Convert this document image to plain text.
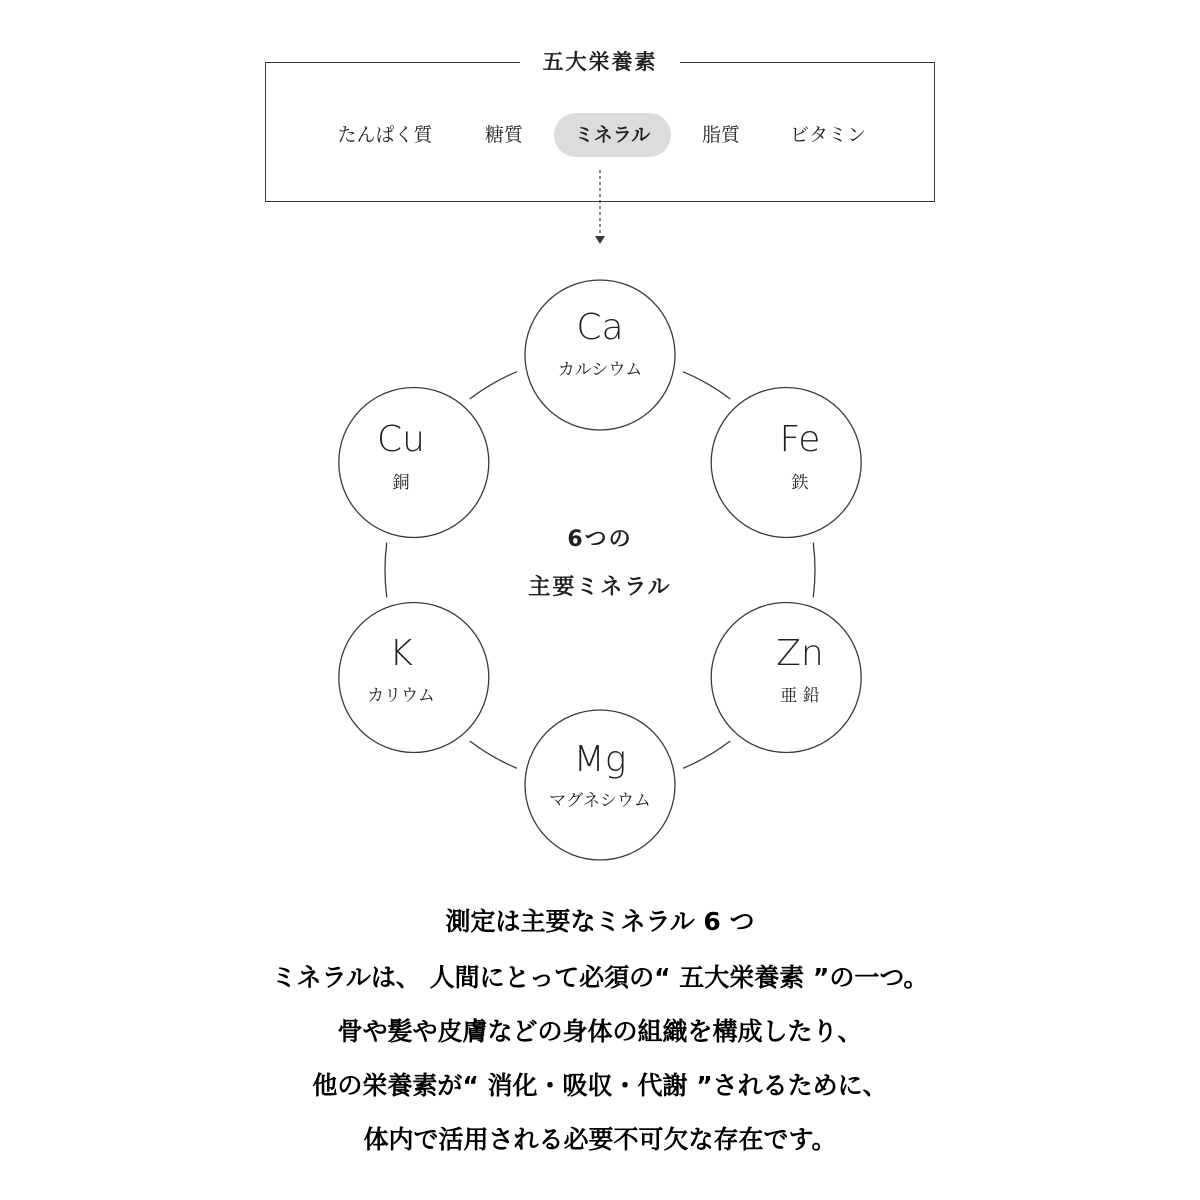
五大栄養素
たんぱく質	糖質	ミネラル	脂質	ビタミン
Ca
カルシウム
Fe
鉄
Zn
亜 鉛
Mg
マグネシウム
K
カリウム
Cu
銅
6つの
主要ミネラル
測定は主要なミネラル 6 つ
ミネラルは、 人間にとって必須の“ 五大栄養素 ”の一つ。
骨や髪や皮膚などの身体の組織を構成したり、
他の栄養素が“ 消化・吸収・代謝 ”されるために、
体内で活用される必要不可欠な存在です。
